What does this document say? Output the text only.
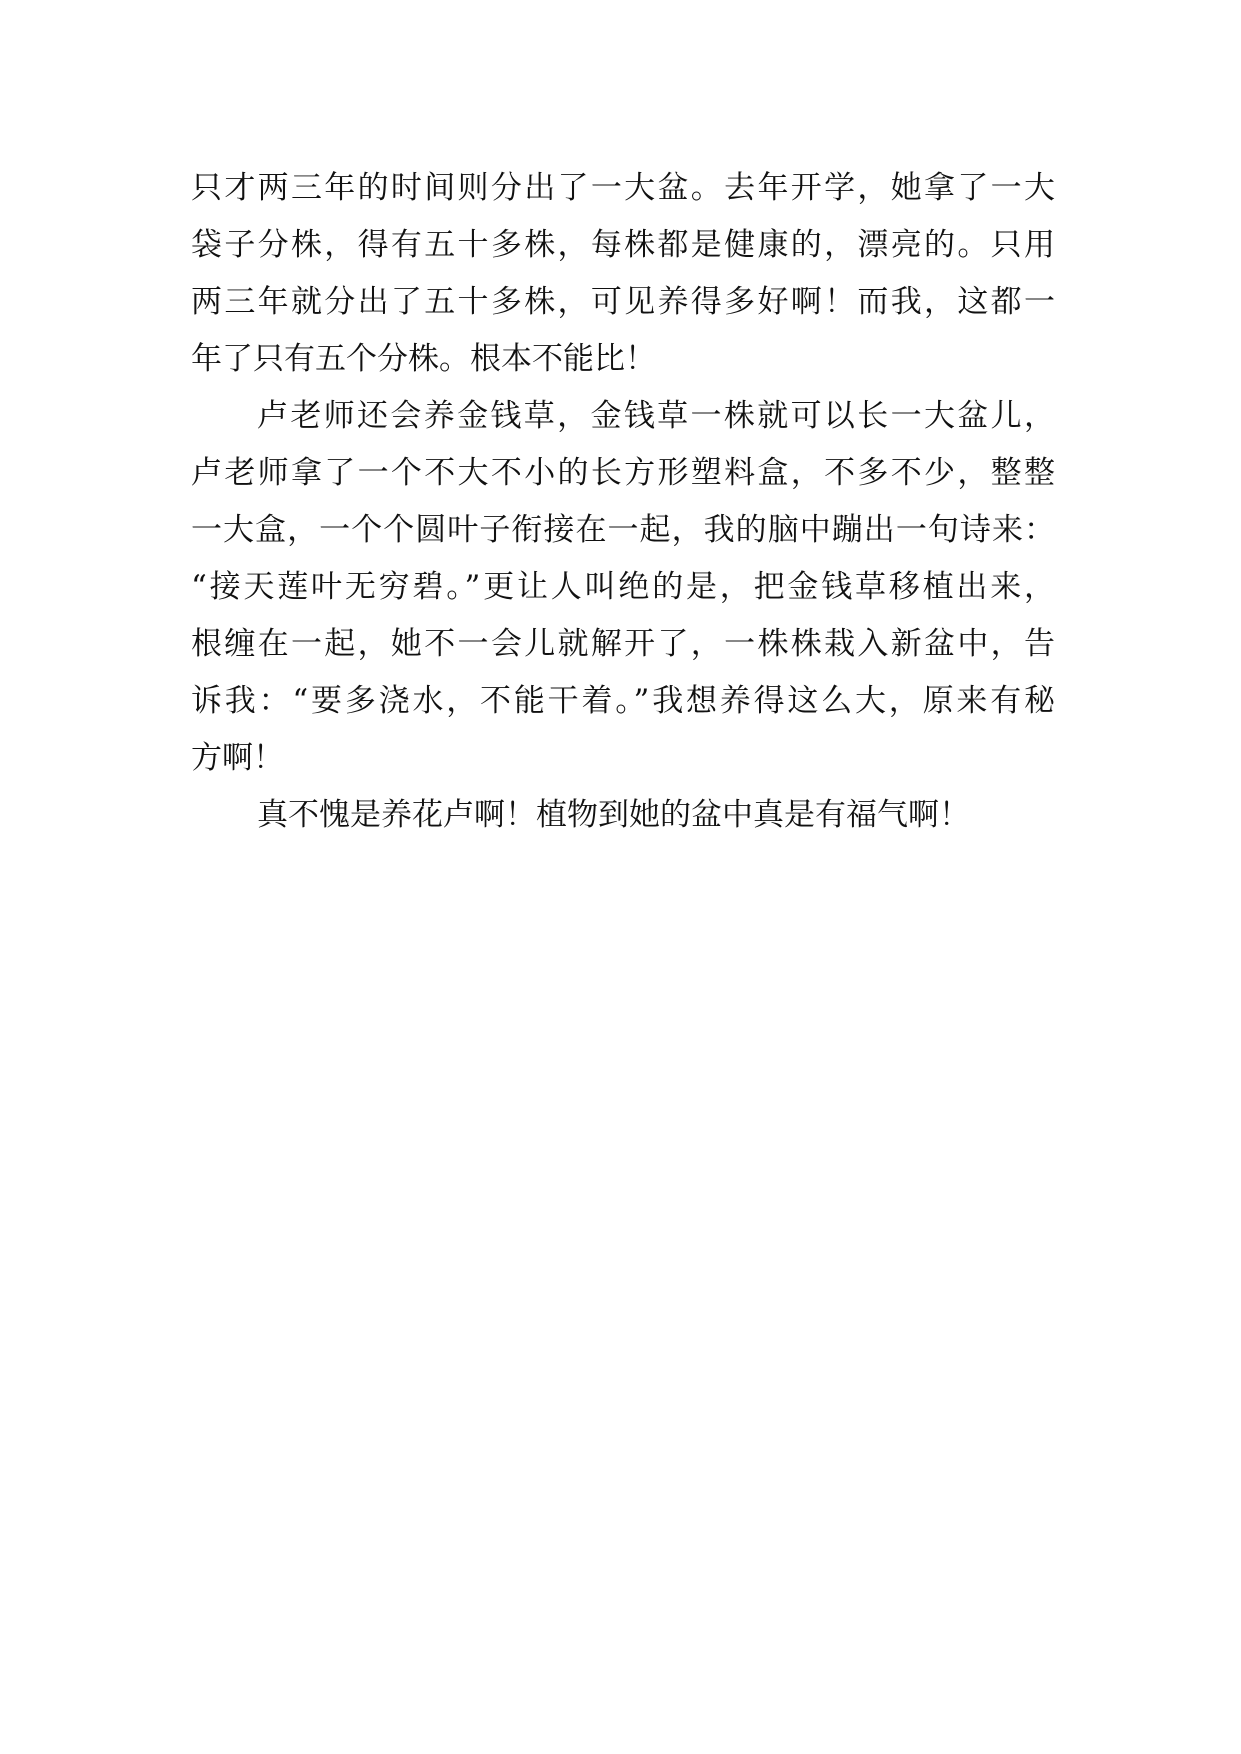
只才两三年的时间则分出了一大盆。去年开学，她拿了一大
袋子分株，得有五十多株，每株都是健康的，漂亮的。只用
两三年就分出了五十多株，可见养得多好啊！而我，这都一
年了只有五个分株。根本不能比！
卢老师还会养金钱草，金钱草一株就可以长一大盆儿，
卢老师拿了一个不大不小的长方形塑料盒，不多不少，整整
一大盒，一个个圆叶子衔接在一起，我的脑中蹦出一句诗来：
“接天莲叶无穷碧。”更让人叫绝的是，把金钱草移植出来，
根缠在一起，她不一会儿就解开了，一株株栽入新盆中，告
诉我：“要多浇水，不能干着。”我想养得这么大，原来有秘
方啊！
真不愧是养花卢啊！植物到她的盆中真是有福气啊！
